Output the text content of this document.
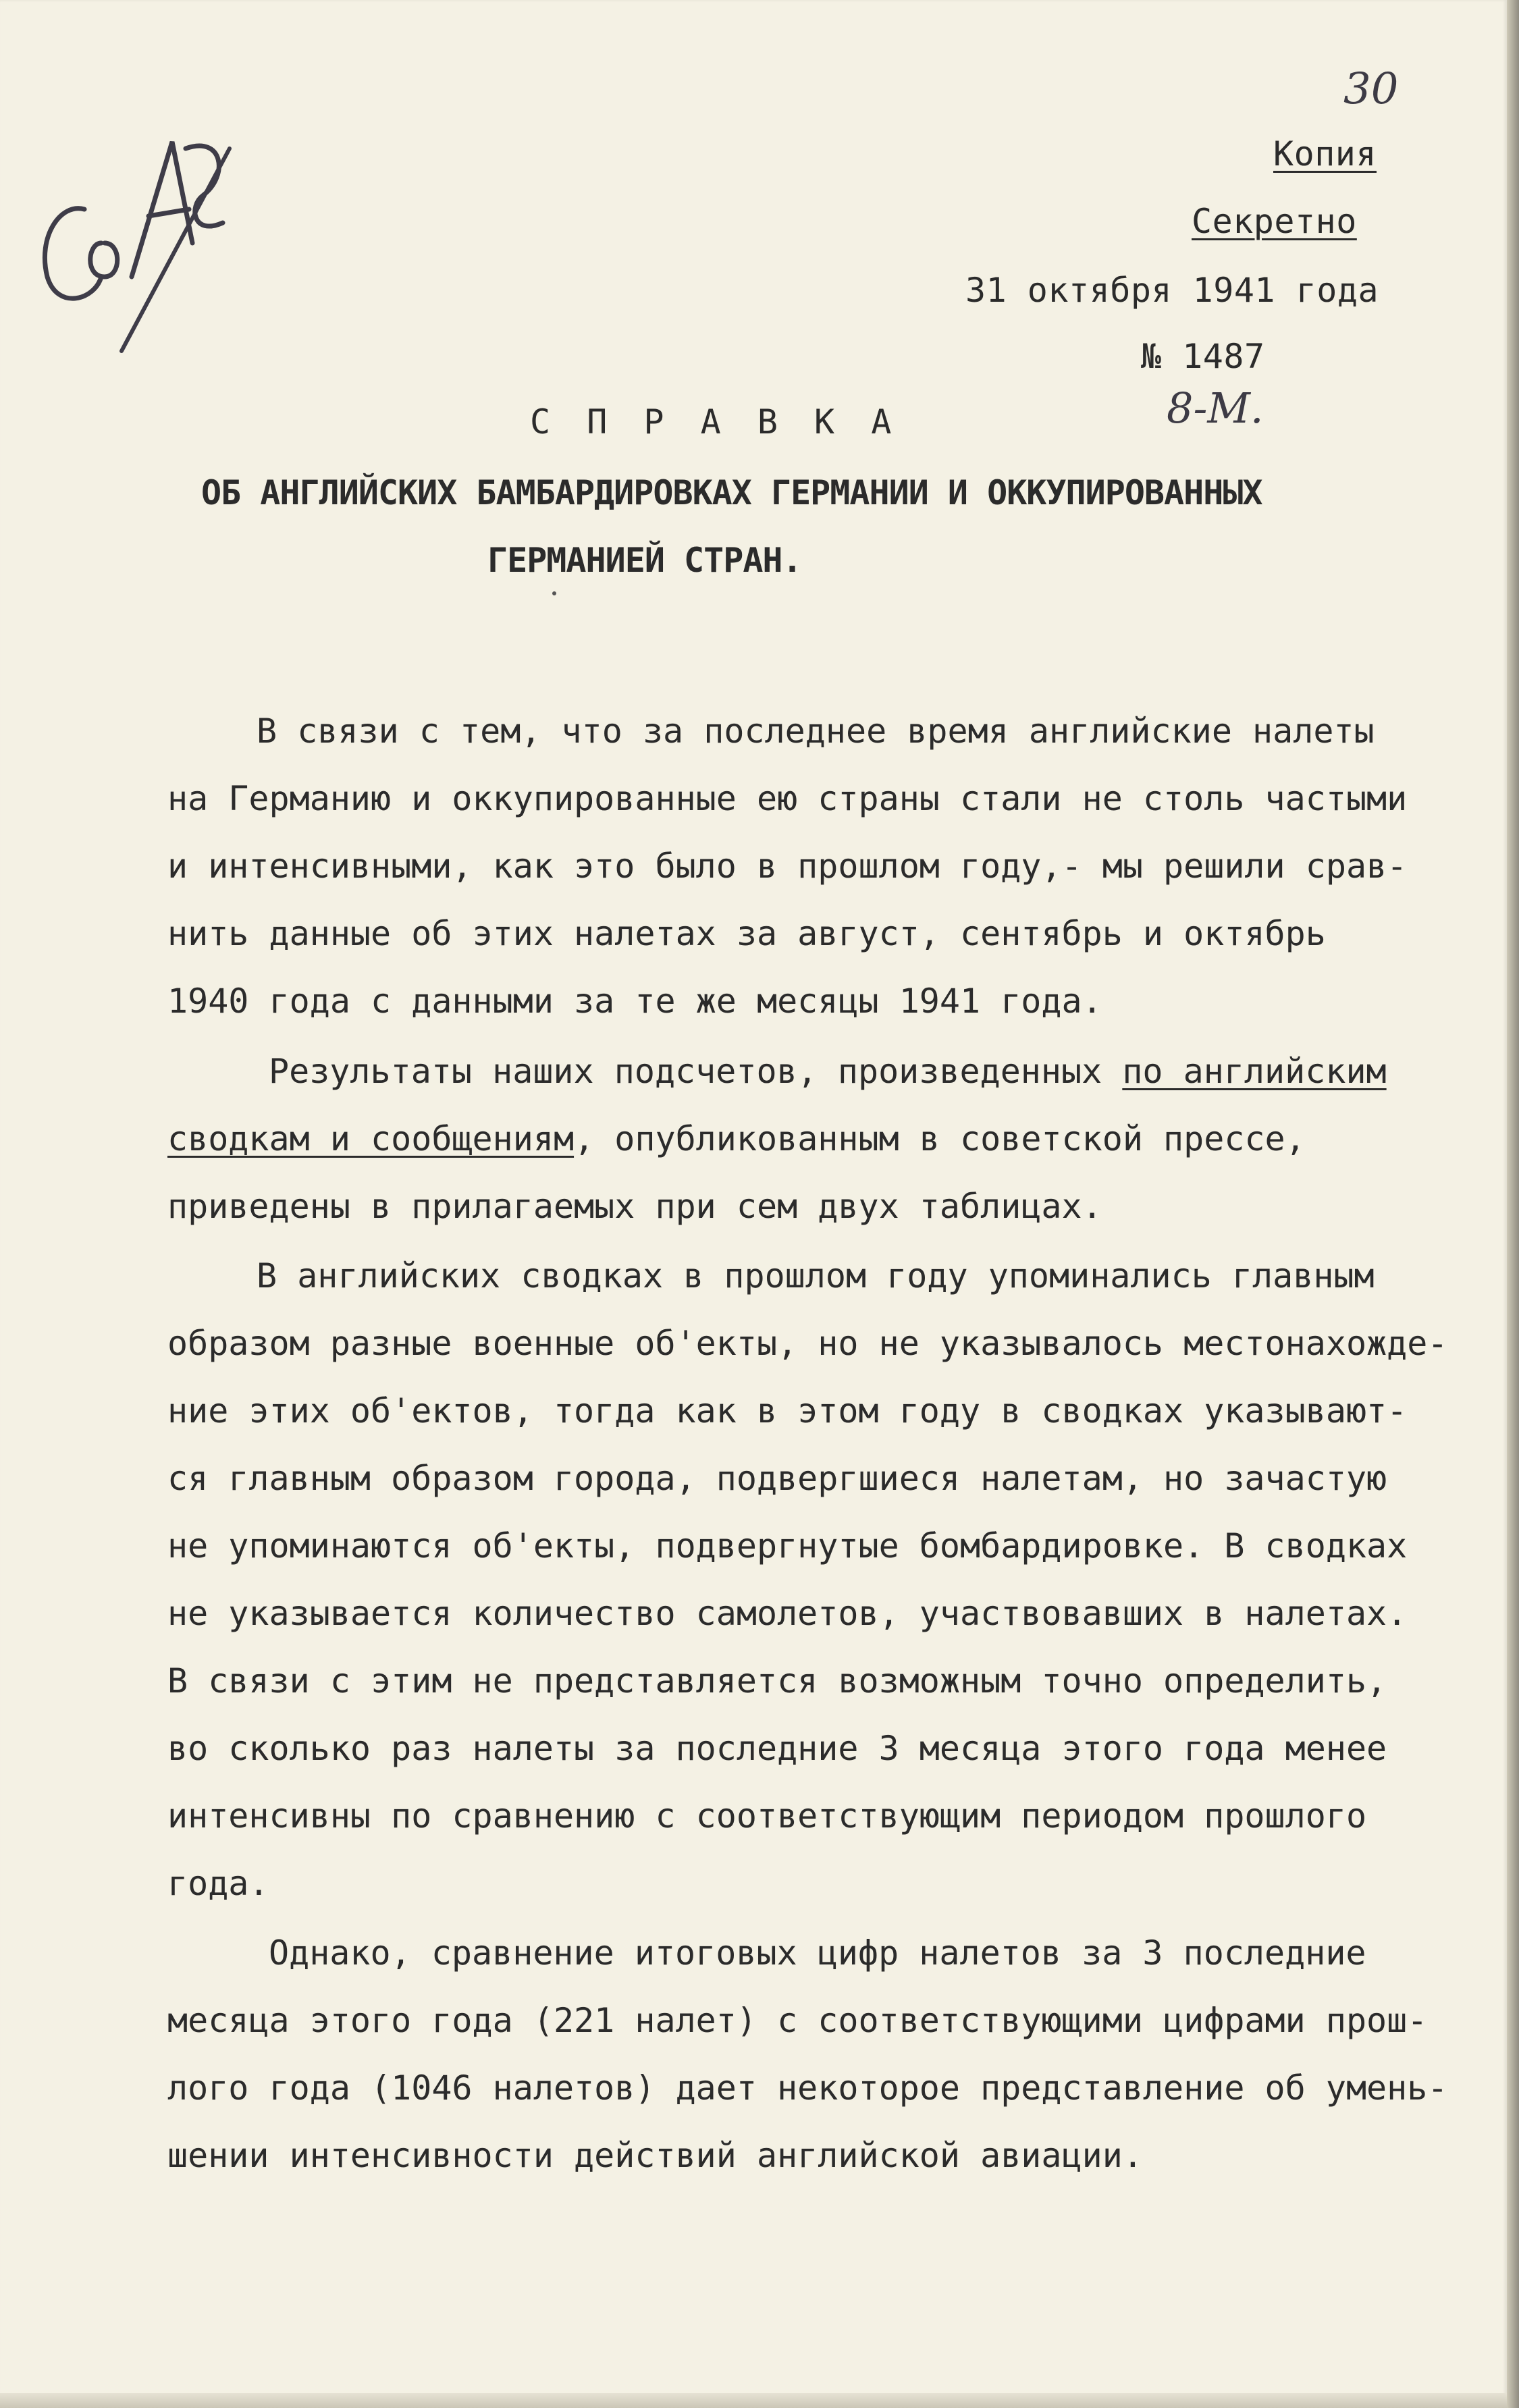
30
Копия
Секретно
31 октября 1941 года
№ 1487
8-М.
С П Р А В К А
ОБ АНГЛИЙСКИХ БАМБАРДИРОВКАХ ГЕРМАНИИ И ОККУПИРОВАННЫХ
ГЕРМАНИЕЙ СТРАН.
В связи с тем, что за последнее время английские налеты
на Германию и оккупированные ею страны стали не столь частыми
и интенсивными, как это было в прошлом году,- мы решили срав-
нить данные об этих налетах за август, сентябрь и октябрь
1940 года с данными за те же месяцы 1941 года.
Результаты наших подсчетов, произведенных по английским
сводкам и сообщениям, опубликованным в советской прессе,
приведены в прилагаемых при сем двух таблицах.
В английских сводках в прошлом году упоминались главным
образом разные военные об'екты, но не указывалось местонахожде-
ние этих об'ектов, тогда как в этом году в сводках указывают-
ся главным образом города, подвергшиеся налетам, но зачастую
не упоминаются об'екты, подвергнутые бомбардировке. В сводках
не указывается количество самолетов, участвовавших в налетах.
В связи с этим не представляется возможным точно определить,
во сколько раз налеты за последние 3 месяца этого года менее
интенсивны по сравнению с соответствующим периодом прошлого
года.
Однако, сравнение итоговых цифр налетов за 3 последние
месяца этого года (221 налет) с соответствующими цифрами прош-
лого года (1046 налетов) дает некоторое представление об умень-
шении интенсивности действий английской авиации.
